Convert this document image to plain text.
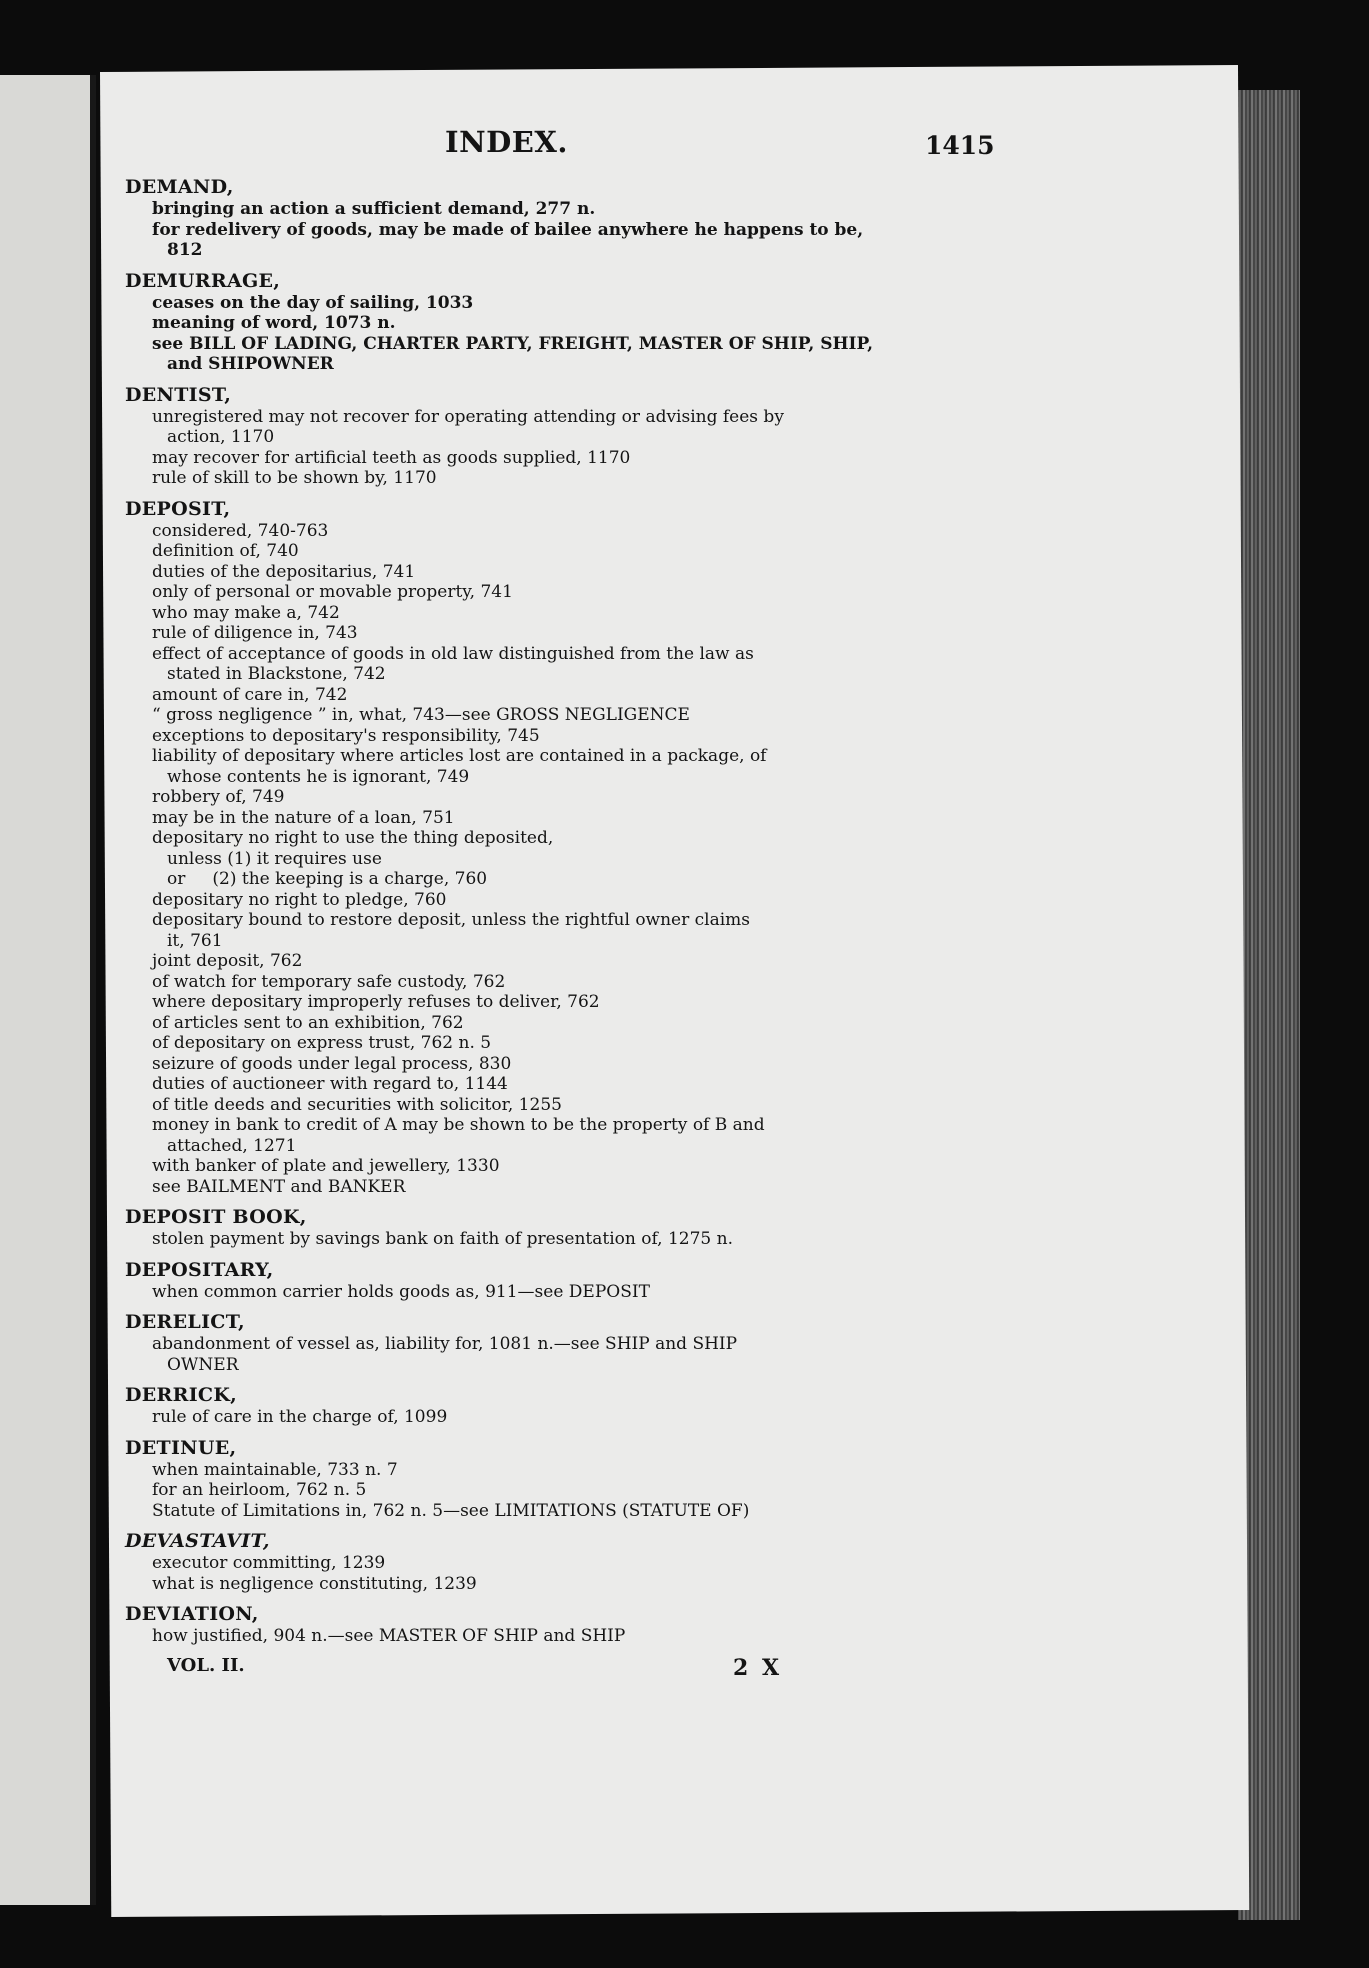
INDEX.	1415
DEMAND,
bringing an action a sufficient demand, 277 n.
for redelivery of goods, may be made of bailee anywhere he happens to be,
812
DEMURRAGE,
ceases on the day of sailing, 1033
meaning of word, 1073 n.
see BILL OF LADING, CHARTER PARTY, FREIGHT, MASTER OF SHIP, SHIP,
and SHIPOWNER
DENTIST,
unregistered may not recover for operating attending or advising fees by
action, 1170
may recover for artificial teeth as goods supplied, 1170
rule of skill to be shown by, 1170
DEPOSIT,
considered, 740-763
definition of, 740
duties of the depositarius, 741
only of personal or movable property, 741
who may make a, 742
rule of diligence in, 743
effect of acceptance of goods in old law distinguished from the law as
stated in Blackstone, 742
amount of care in, 742
“ gross negligence ” in, what, 743—see GROSS NEGLIGENCE
exceptions to depositary's responsibility, 745
liability of depositary where articles lost are contained in a package, of
whose contents he is ignorant, 749
robbery of, 749
may be in the nature of a loan, 751
depositary no right to use the thing deposited,
unless (1) it requires use
or     (2) the keeping is a charge, 760
depositary no right to pledge, 760
depositary bound to restore deposit, unless the rightful owner claims
it, 761
joint deposit, 762
of watch for temporary safe custody, 762
where depositary improperly refuses to deliver, 762
of articles sent to an exhibition, 762
of depositary on express trust, 762 n. 5
seizure of goods under legal process, 830
duties of auctioneer with regard to, 1144
of title deeds and securities with solicitor, 1255
money in bank to credit of A may be shown to be the property of B and
attached, 1271
with banker of plate and jewellery, 1330
see BAILMENT and BANKER
DEPOSIT BOOK,
stolen payment by savings bank on faith of presentation of, 1275 n.
DEPOSITARY,
when common carrier holds goods as, 911—see DEPOSIT
DERELICT,
abandonment of vessel as, liability for, 1081 n.—see SHIP and SHIP
OWNER
DERRICK,
rule of care in the charge of, 1099
DETINUE,
when maintainable, 733 n. 7
for an heirloom, 762 n. 5
Statute of Limitations in, 762 n. 5—see LIMITATIONS (STATUTE OF)
DEVASTAVIT,
executor committing, 1239
what is negligence constituting, 1239
DEVIATION,
how justified, 904 n.—see MASTER OF SHIP and SHIP
VOL. II.	2 X
